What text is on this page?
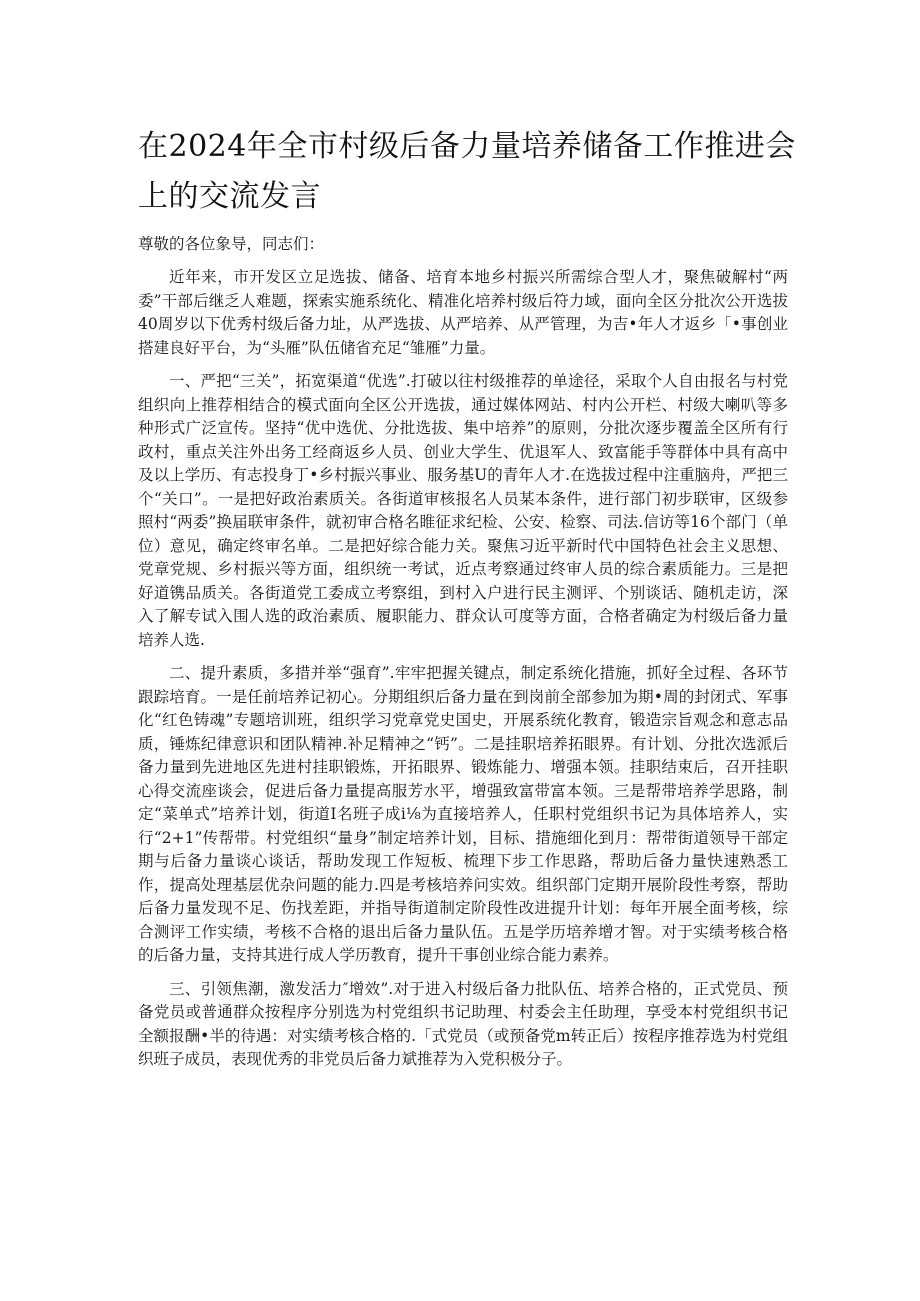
在2024年全市村级后备力量培养储备工作推进会上的交流发言

尊敬的各位象导，同志们：

近年来，市开发区立足选拔、储备、培育本地乡村振兴所需综合型人才，聚焦破解村“两委”干部后继乏人难题，探索实施系统化、精准化培养村级后符力域，面向全区分批次公开选拔40周岁以下优秀村级后备力址，从严选拔、从严培养、从严管理，为吉•年人才返乡「•事创业搭建良好平台，为“头雁”队伍储省充足“雏雁”力量。

一、严把“三关”，拓宽渠道“优选”.打破以往村级推荐的单途径，采取个人自由报名与村党组织向上推荐相结合的模式面向全区公开选拔，通过媒体网站、村内公开栏、村级大喇叭等多种形式广泛宣传。坚持“优中选优、分批选拔、集中培养”的原则，分批次逐步覆盖全区所有行政村，重点关注外出务工经商返乡人员、创业大学生、优退军人、致富能手等群体中具有高中及以上学历、有志投身丁•乡村振兴事业、服务基U的青年人才.在选拔过程中注重脑舟，严把三个“关口”。一是把好政治素质关。各街道审核报名人员某本条件，进行部门初步联审，区级参照村“两委”换届联审条件，就初审合格名睢征求纪检、公安、检察、司法.信访等16个部门（单位）意见，确定终审名单。二是把好综合能力关。聚焦习近平新时代中国特色社会主义思想、党章党规、乡村振兴等方面，组织统一考试，近点考察通过终审人员的综合素质能力。三是把好道镌品质关。各街道党工委成立考察组，到村入户进行民主测评、个别谈话、随机走访，深入了解专试入围人选的政治素质、履职能力、群众认可度等方面，合格者确定为村级后备力量培养人选.

二、提升素质，多措并举“强育”.牢牢把握关键点，制定系统化措施，抓好全过程、各环节跟踪培育。一是任前培养记初心。分期组织后备力量在到岗前全部参加为期•周的封闭式、军事化“红色铸魂”专题培训班，组织学习党章党史国史，开展系统化教育，锻造宗旨观念和意志品质，锤炼纪律意识和团队精神.补足精神之“钙”。二是挂职培养拓眼界。有计划、分批次选派后备力量到先进地区先进村挂职锻炼，开拓眼界、锻炼能力、增强本领。挂职结束后，召开挂职心得交流座谈会，促进后备力量提高服芳水平，增强致富带富本领。三是帮带培养学思路，制定“菜单式”培养计划，街道I名班子成i⅛为直接培养人，任职村党组织书记为具体培养人，实行“2+1”传帮带。村党组织“量身”制定培养计划，目标、措施细化到月：帮带街道领导干部定期与后备力量谈心谈话，帮助发现工作短板、梳理下步工作思路，帮助后备力量快速熟悉工作，提高处理基层优杂问题的能力.四是考核培养问实效。组织部门定期开展阶段性考察，帮助后备力量发现不足、伤找差距，并指导街道制定阶段性改进提升计划：每年开展全面考核，综合测评工作实绩，考核不合格的退出后备力量队伍。五是学历培养增才智。对于实绩考核合格的后备力量，支持其进行成人学历教育，提升干事创业综合能力素养。

三、引领焦潮，激发活力″增效”.对于进入村级后备力批队伍、培养合格的，正式党员、预备党员或普通群众按程序分别选为村党组织书记助理、村委会主任助理，享受本村党组织书记全额报酬•半的待遇：对实绩考核合格的.「式党员（或预备党m转正后）按程序推荐选为村党组织班子成员，表现优秀的非党员后备力斌推荐为入党积极分子。
